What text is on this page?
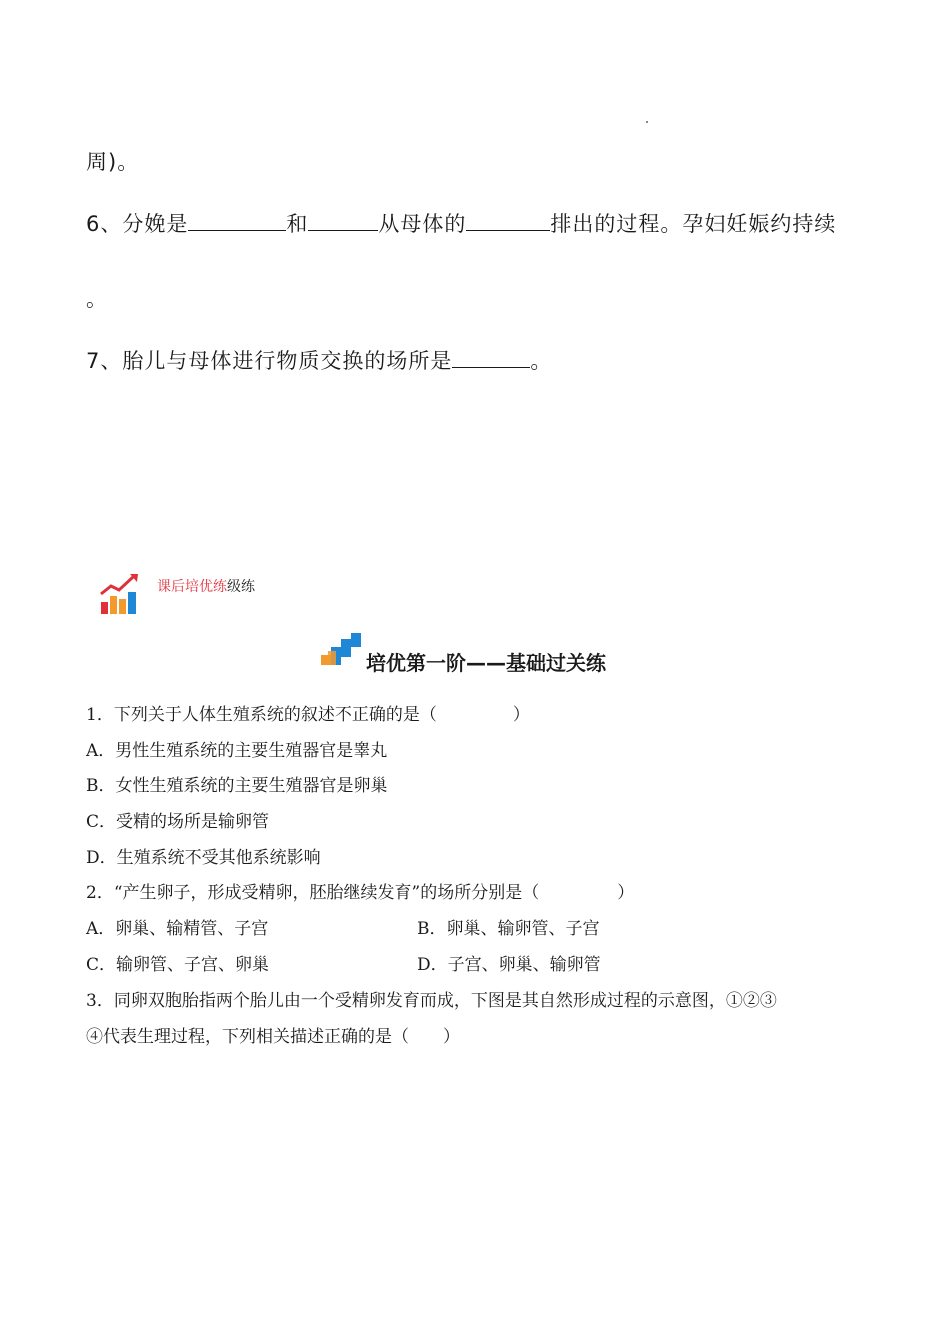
周)。
6、分娩是	和	从母体的	排出的过程。孕妇妊娠约持续
。
7、胎儿与母体进行物质交换的场所是	。
课后培优练级练
培优第一阶——基础过关练
1．下列关于人体生殖系统的叙述不正确的是（	）
A．男性生殖系统的主要生殖器官是睾丸
B．女性生殖系统的主要生殖器官是卵巢
C．受精的场所是输卵管
D．生殖系统不受其他系统影响
2．“产生卵子，形成受精卵，胚胎继续发育”的场所分别是（	）
A．卵巢、输精管、子宫	B．卵巢、输卵管、子宫
C．输卵管、子宫、卵巢	D．子宫、卵巢、输卵管
3．同卵双胞胎指两个胎儿由一个受精卵发育而成，下图是其自然形成过程的示意图，①②③
④代表生理过程，下列相关描述正确的是（　　）
